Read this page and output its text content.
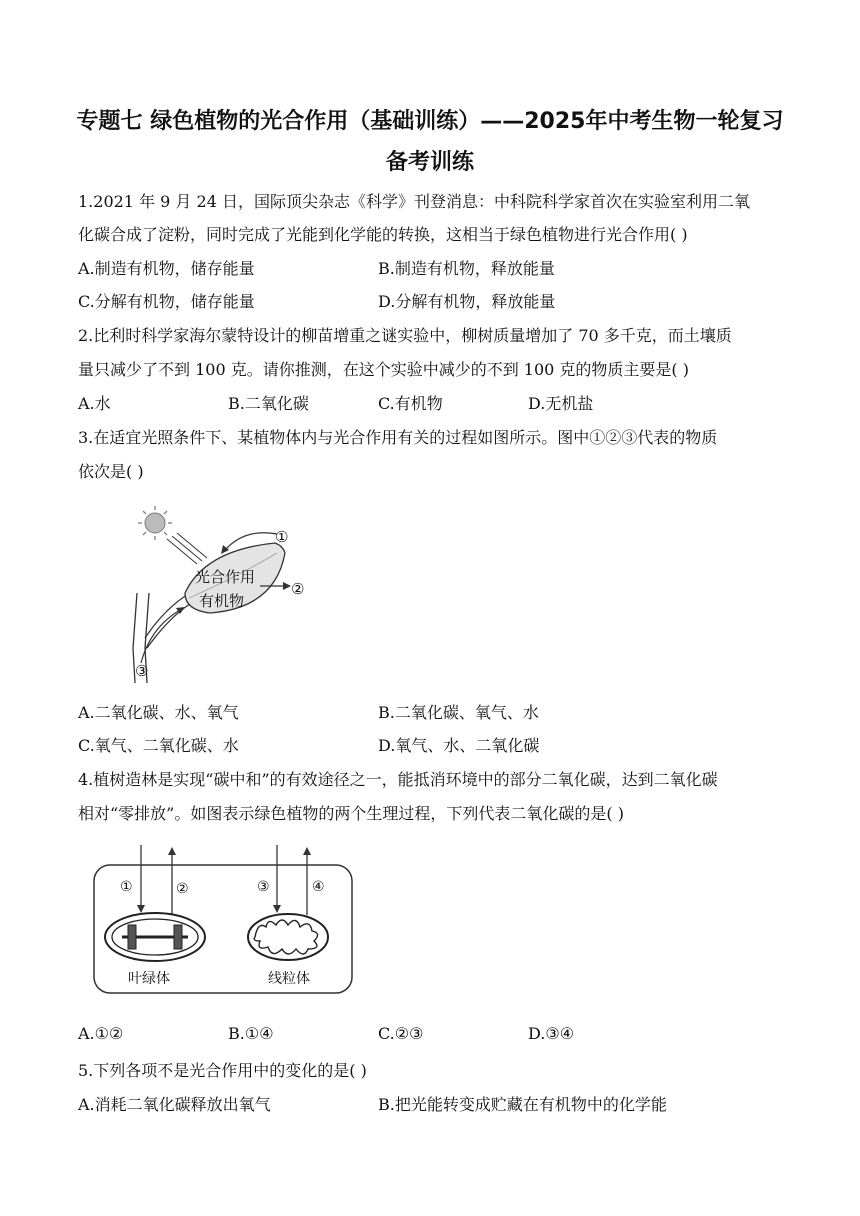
专题七 绿色植物的光合作用（基础训练）——2025年中考生物一轮复习
备考训练
1.2021 年 9 月 24 日，国际顶尖杂志《科学》刊登消息：中科院科学家首次在实验室利用二氧
化碳合成了淀粉，同时完成了光能到化学能的转换，这相当于绿色植物进行光合作用( )
A.制造有机物，储存能量	B.制造有机物，释放能量
C.分解有机物，储存能量	D.分解有机物，释放能量
2.比利时科学家海尔蒙特设计的柳苗增重之谜实验中，柳树质量增加了 70 多千克，而土壤质
量只减少了不到 100 克。请你推测，在这个实验中减少的不到 100 克的物质主要是( )
A.水	B.二氧化碳	C.有机物	D.无机盐
3.在适宜光照条件下、某植物体内与光合作用有关的过程如图所示。图中①②③代表的物质
依次是( )
光合作用
有机物
①
②
③
A.二氧化碳、水、氧气	B.二氧化碳、氧气、水
C.氧气、二氧化碳、水	D.氧气、水、二氧化碳
4.植树造林是实现“碳中和”的有效途径之一，能抵消环境中的部分二氧化碳，达到二氧化碳
相对“零排放”。如图表示绿色植物的两个生理过程，下列代表二氧化碳的是( )
①	②	③	④
叶绿体	线粒体
A.①②	B.①④	C.②③	D.③④
5.下列各项不是光合作用中的变化的是( )
A.消耗二氧化碳释放出氧气	B.把光能转变成贮藏在有机物中的化学能
